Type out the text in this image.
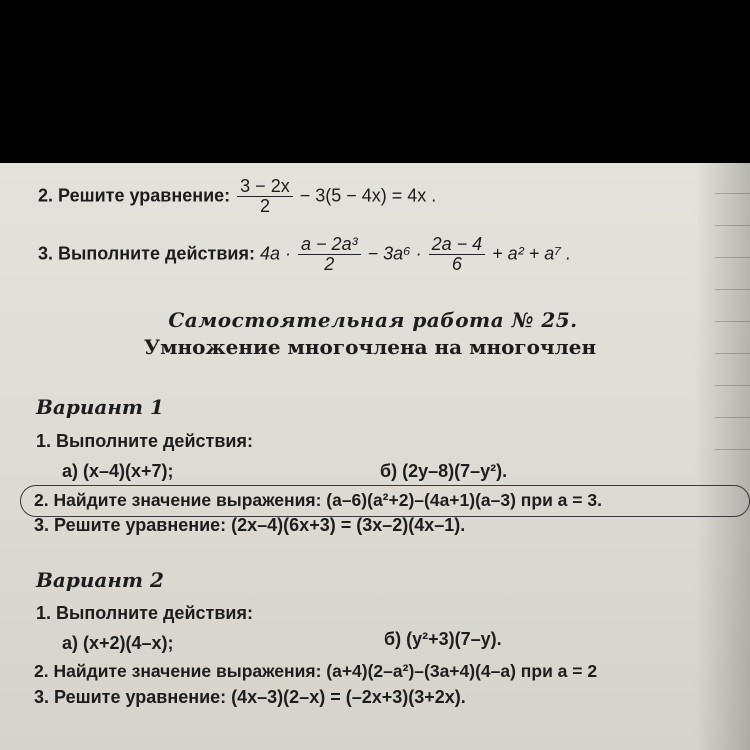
2. Решите уравнение: $\frac{3 - 2x}{2} - 3(5 - 4x) = 4x$ .
3. Выполните действия: $4a \cdot \frac{\text{a − 2a³}}{2} - 3a^6 \cdot \frac{2a - 4}{6} + a^2 + a^7$ .
Самостоятельная работа № 25.
Умножение многочлена на многочлен
Вариант 1
1. Выполните действия:
а) (x–4)(x+7);	б) (2y–8)(7–y²).
2. Найдите значение выражения: (a–6)(a²+2)–(4a+1)(a–3) при a = 3.
3. Решите уравнение: (2x–4)(6x+3) = (3x–2)(4x–1).
Вариант 2
1. Выполните действия:
а) (x+2)(4–x);	б) (y²+3)(7–y).
2. Найдите значение выражения: (a+4)(2–a²)–(3a+4)(4–a) при a = 2
3. Решите уравнение: (4x–3)(2–x) = (–2x+3)(3+2x).
